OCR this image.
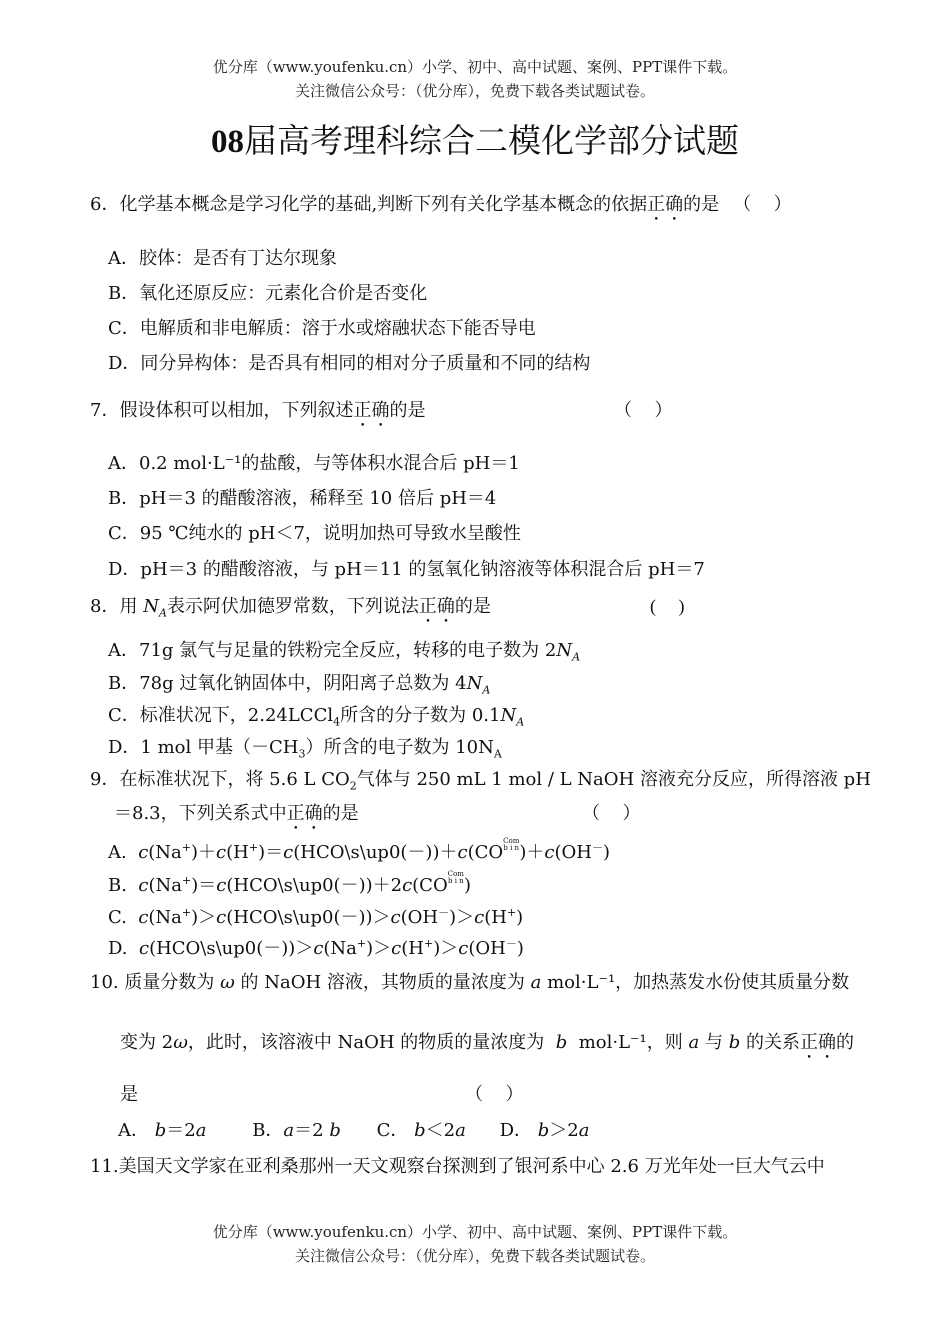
优分库（www.youfenku.cn）小学、初中、高中试题、案例、PPT课件下载。
关注微信公众号：（优分库），免费下载各类试题试卷。
08届高考理科综合二模化学部分试题
6．化学基本概念是学习化学的基础,判断下列有关化学基本概念的依据正确的是 （　 ）
A．胶体：是否有丁达尔现象
B．氧化还原反应：元素化合价是否变化
C．电解质和非电解质：溶于水或熔融状态下能否导电
D．同分异构体：是否具有相同的相对分子质量和不同的结构
7．假设体积可以相加，下列叙述正确的是	（　 ）
A．0.2 mol·L⁻¹的盐酸，与等体积水混合后 pH＝1
B．pH＝3 的醋酸溶液，稀释至 10 倍后 pH＝4
C．95 ℃纯水的 pH＜7，说明加热可导致水呈酸性
D．pH＝3 的醋酸溶液，与 pH＝11 的氢氧化钠溶液等体积混合后 pH＝7
8．用 $N_A$表示阿伏加德罗常数，下列说法正确的是	(　 )
A．71g 氯气与足量的铁粉完全反应，转移的电子数为 $2N_A$
B．78g 过氧化钠固体中，阴阳离子总数为 $4N_A$
C．标准状况下，2.24LCCl$_4$所含的分子数为 $0.1N_A$
D．1 mol 甲基$(-CH_3)$所含的电子数为 $10N_A$
9．在标准状况下，将 5.6 L $CO_2$气体与 250 mL 1 mol / L NaOH 溶液充分反应，所得溶液 pH
＝8.3，下列关系式中正确的是	（　 ）
A. c(Na+)＋c(H+)＝c(HCO\s\up0(－))＋c(COCom
b i n)＋c(OH－)
B. c(Na+)＝c(HCO\s\up0(－))＋2c(COCom
b i n)
C. c(Na+)＞c(HCO\s\up0(－))＞c(OH－)＞c(H+)
D. c(HCO\s\up0(－))＞c(Na+)＞c(H+)＞c(OH－)
10. 质量分数为 ω 的 NaOH 溶液，其物质的量浓度为 a mol·L⁻¹，加热蒸发水份使其质量分数
变为 2ω，此时，该溶液中 NaOH 的物质的量浓度为 b mol·L⁻¹，则 a 与 b 的关系正确的
是	（　 ）
A． b＝2a	B．a＝2 b C． b＜2a D． b＞2a
11.美国天文学家在亚利桑那州一天文观察台探测到了银河系中心 2.6 万光年处一巨大气云中
优分库（www.youfenku.cn）小学、初中、高中试题、案例、PPT课件下载。
关注微信公众号：（优分库），免费下载各类试题试卷。
